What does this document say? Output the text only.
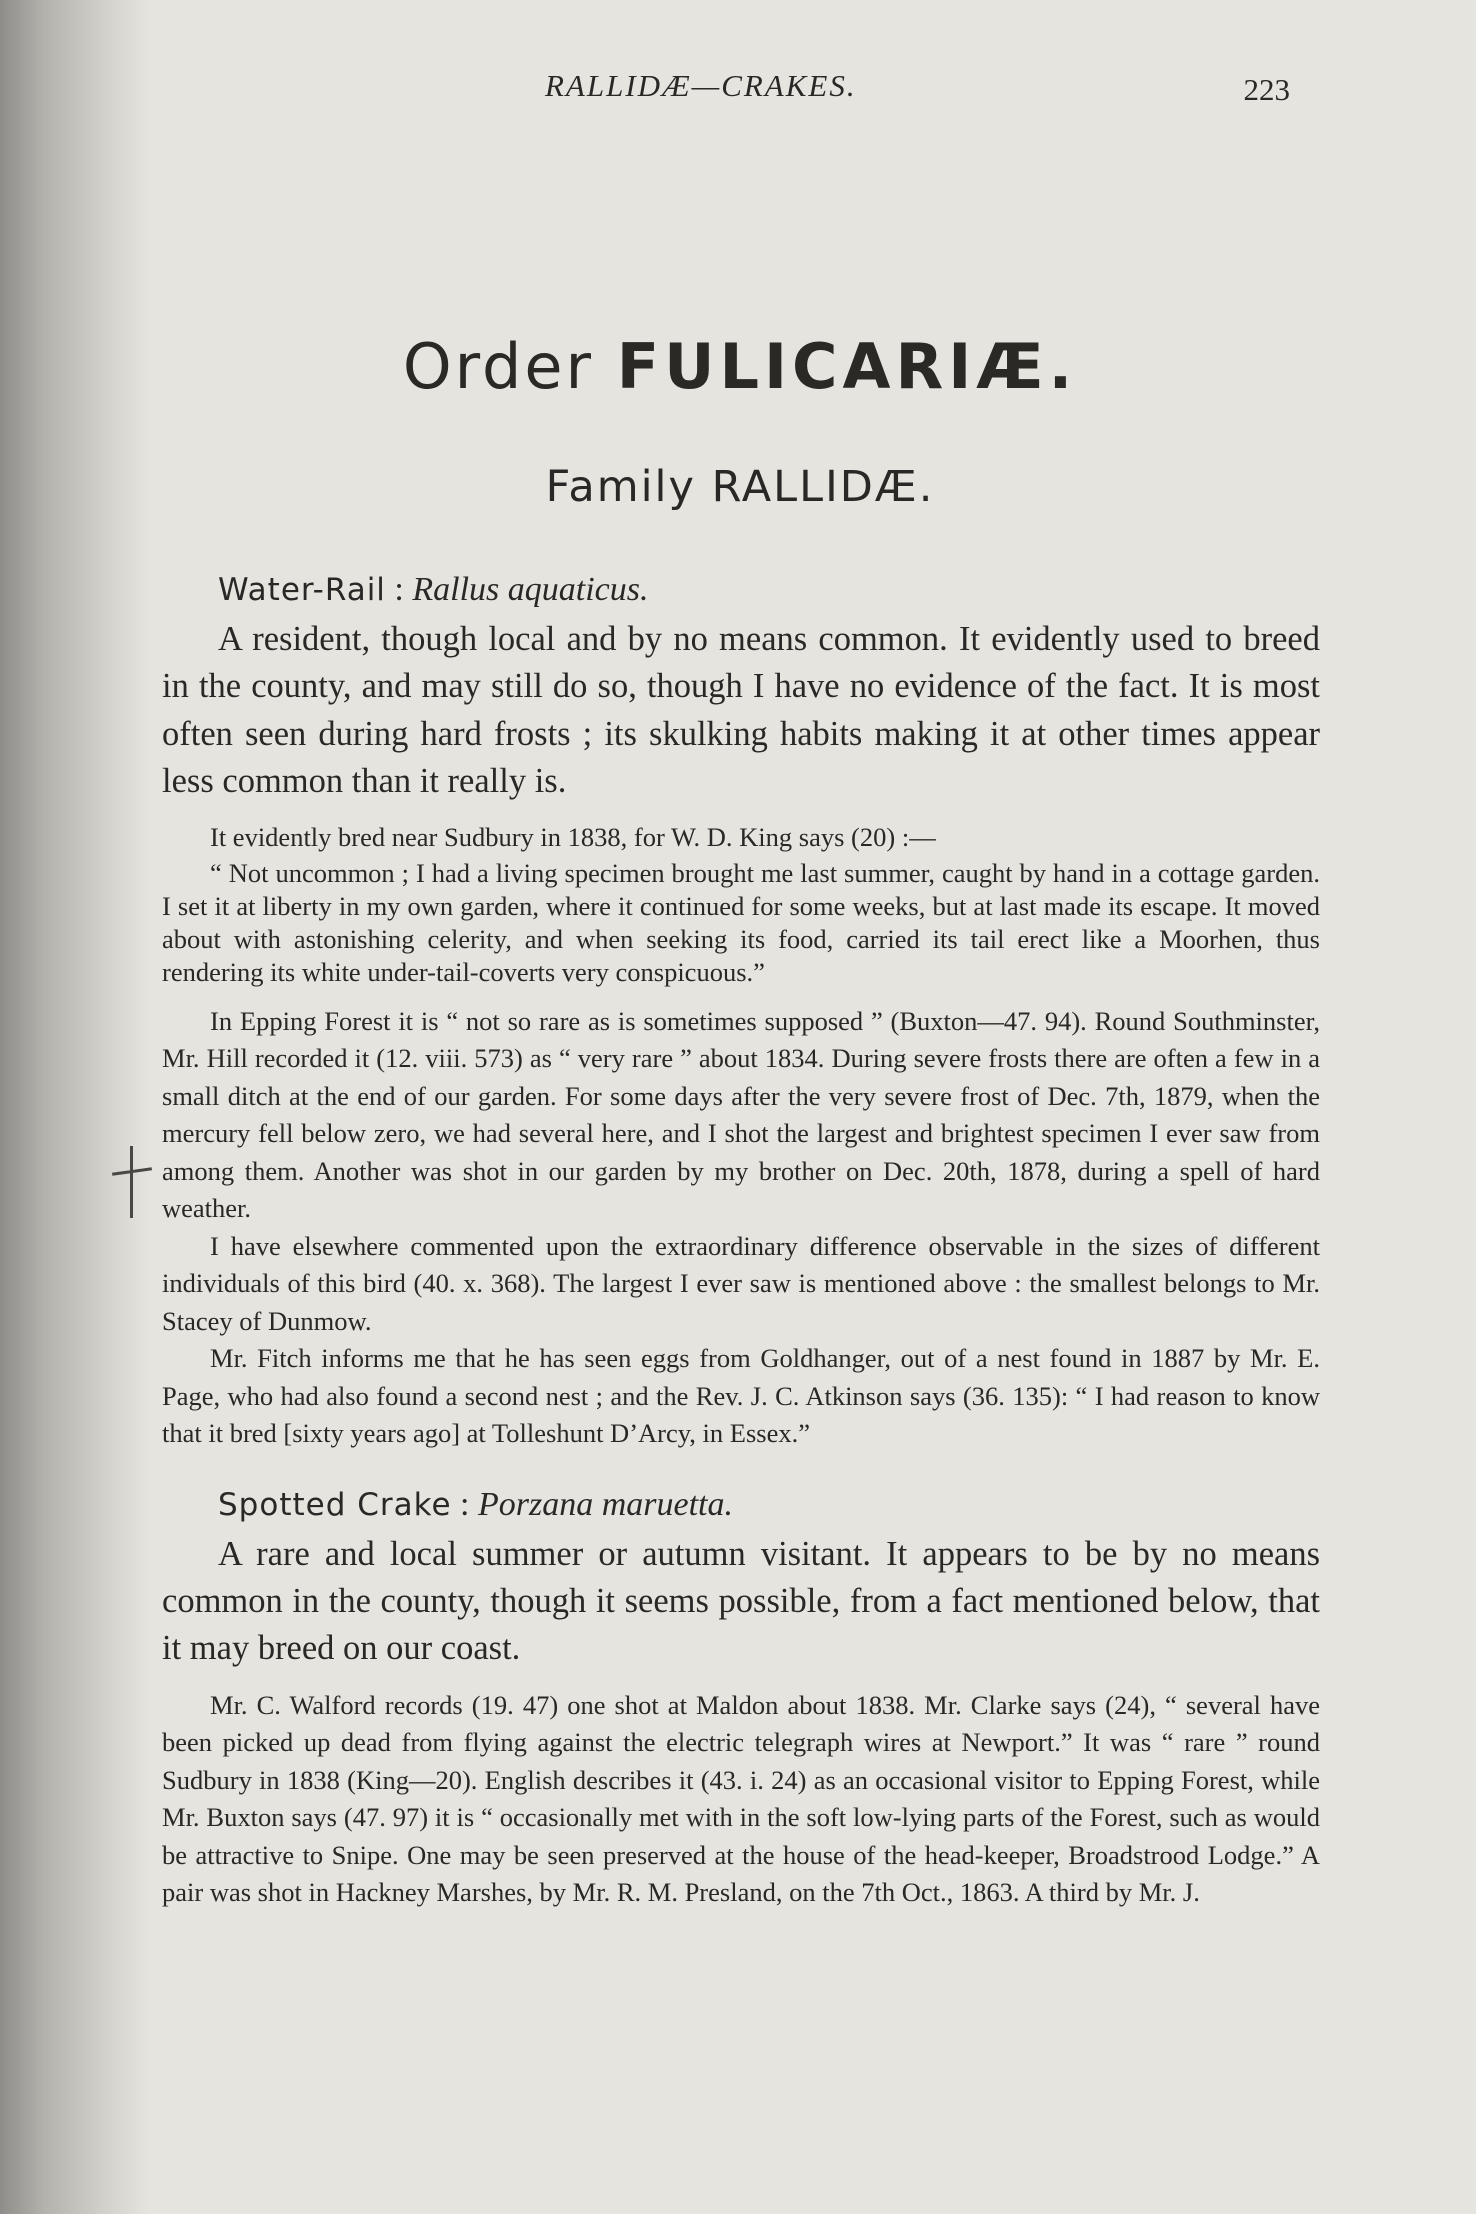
RALLIDÆ—CRAKES.	223
Order FULICARIÆ.
Family RALLIDÆ.
Water-Rail : Rallus aquaticus.

A resident, though local and by no means common. It evidently used to breed in the county, and may still do so, though I have no evidence of the fact. It is most often seen during hard frosts ; its skulking habits making it at other times appear less common than it really is.

It evidently bred near Sudbury in 1838, for W. D. King says (20) :—

“ Not uncommon ; I had a living specimen brought me last summer, caught by hand in a cottage garden. I set it at liberty in my own garden, where it continued for some weeks, but at last made its escape. It moved about with astonishing celerity, and when seeking its food, carried its tail erect like a Moorhen, thus rendering its white under-tail-coverts very conspicuous.”

In Epping Forest it is “ not so rare as is sometimes supposed ” (Buxton—47. 94). Round Southminster, Mr. Hill recorded it (12. viii. 573) as “ very rare ” about 1834. During severe frosts there are often a few in a small ditch at the end of our garden. For some days after the very severe frost of Dec. 7th, 1879, when the mercury fell below zero, we had several here, and I shot the largest and brightest specimen I ever saw from among them. Another was shot in our garden by my brother on Dec. 20th, 1878, during a spell of hard weather.

I have elsewhere commented upon the extraordinary difference observable in the sizes of different individuals of this bird (40. x. 368). The largest I ever saw is mentioned above : the smallest belongs to Mr. Stacey of Dunmow.

Mr. Fitch informs me that he has seen eggs from Goldhanger, out of a nest found in 1887 by Mr. E. Page, who had also found a second nest ; and the Rev. J. C. Atkinson says (36. 135): “ I had reason to know that it bred [sixty years ago] at Tolleshunt D’Arcy, in Essex.”

Spotted Crake : Porzana maruetta.

A rare and local summer or autumn visitant. It appears to be by no means common in the county, though it seems possible, from a fact mentioned below, that it may breed on our coast.

Mr. C. Walford records (19. 47) one shot at Maldon about 1838. Mr. Clarke says (24), “ several have been picked up dead from flying against the electric telegraph wires at Newport.” It was “ rare ” round Sudbury in 1838 (King—20). English describes it (43. i. 24) as an occasional visitor to Epping Forest, while Mr. Buxton says (47. 97) it is “ occasionally met with in the soft low-lying parts of the Forest, such as would be attractive to Snipe. One may be seen preserved at the house of the head-keeper, Broadstrood Lodge.” A pair was shot in Hackney Marshes, by Mr. R. M. Presland, on the 7th Oct., 1863. A third by Mr. J.
